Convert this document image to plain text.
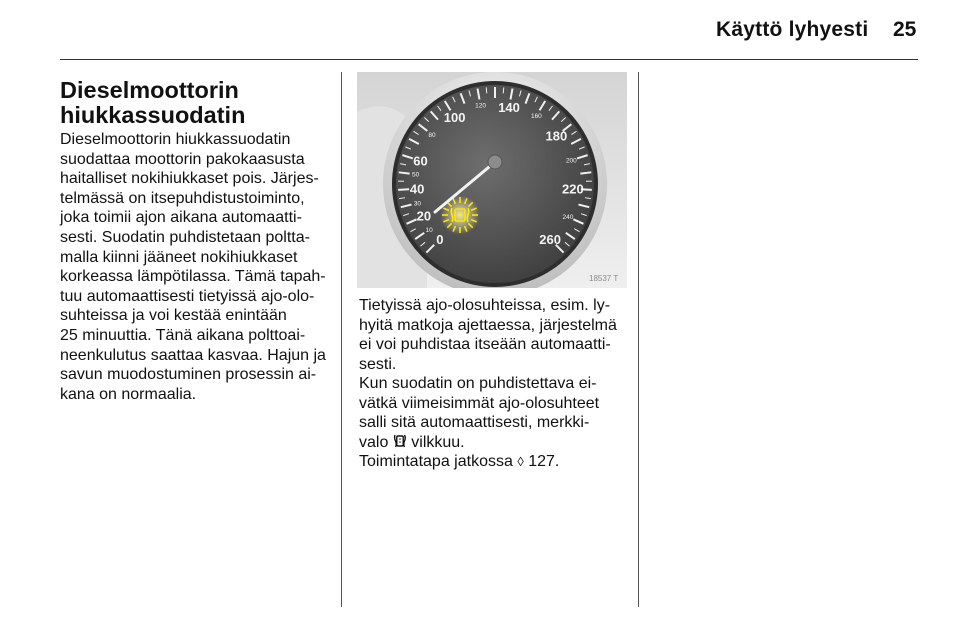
Käyttö lyhyesti 25
Dieselmoottorin
hiukkassuodatin

Dieselmoottorin hiukkassuodatin
suodattaa moottorin pakokaasusta
haitalliset nokihiukkaset pois. Järjes-
telmässä on itsepuhdistustoiminto,
joka toimii ajon aikana automaatti-
sesti. Suodatin puhdistetaan poltta-
malla kiinni jääneet nokihiukkaset
korkeassa lämpötilassa. Tämä tapah-
tuu automaattisesti tietyissä ajo-olo-
suhteissa ja voi kestää enintään
25 minuuttia. Tänä aikana polttoai-
neenkulutus saattaa kasvaa. Hajun ja
savun muodostuminen prosessin ai-
kana on normaalia.

0
20
40
60
100
140
180
220
260
10
30
50
80
120
160
200
240
18537 T

Tietyissä ajo-olosuhteissa, esim. ly-
hyitä matkoja ajettaessa, järjestelmä
ei voi puhdistaa itseään automaatti-
sesti.

Kun suodatin on puhdistettava ei-
vätkä viimeisimmät ajo-olosuhteet
salli sitä automaattisesti, merkki-
valo vilkkuu.

Toimintatapa jatkossa ◊ 127.
